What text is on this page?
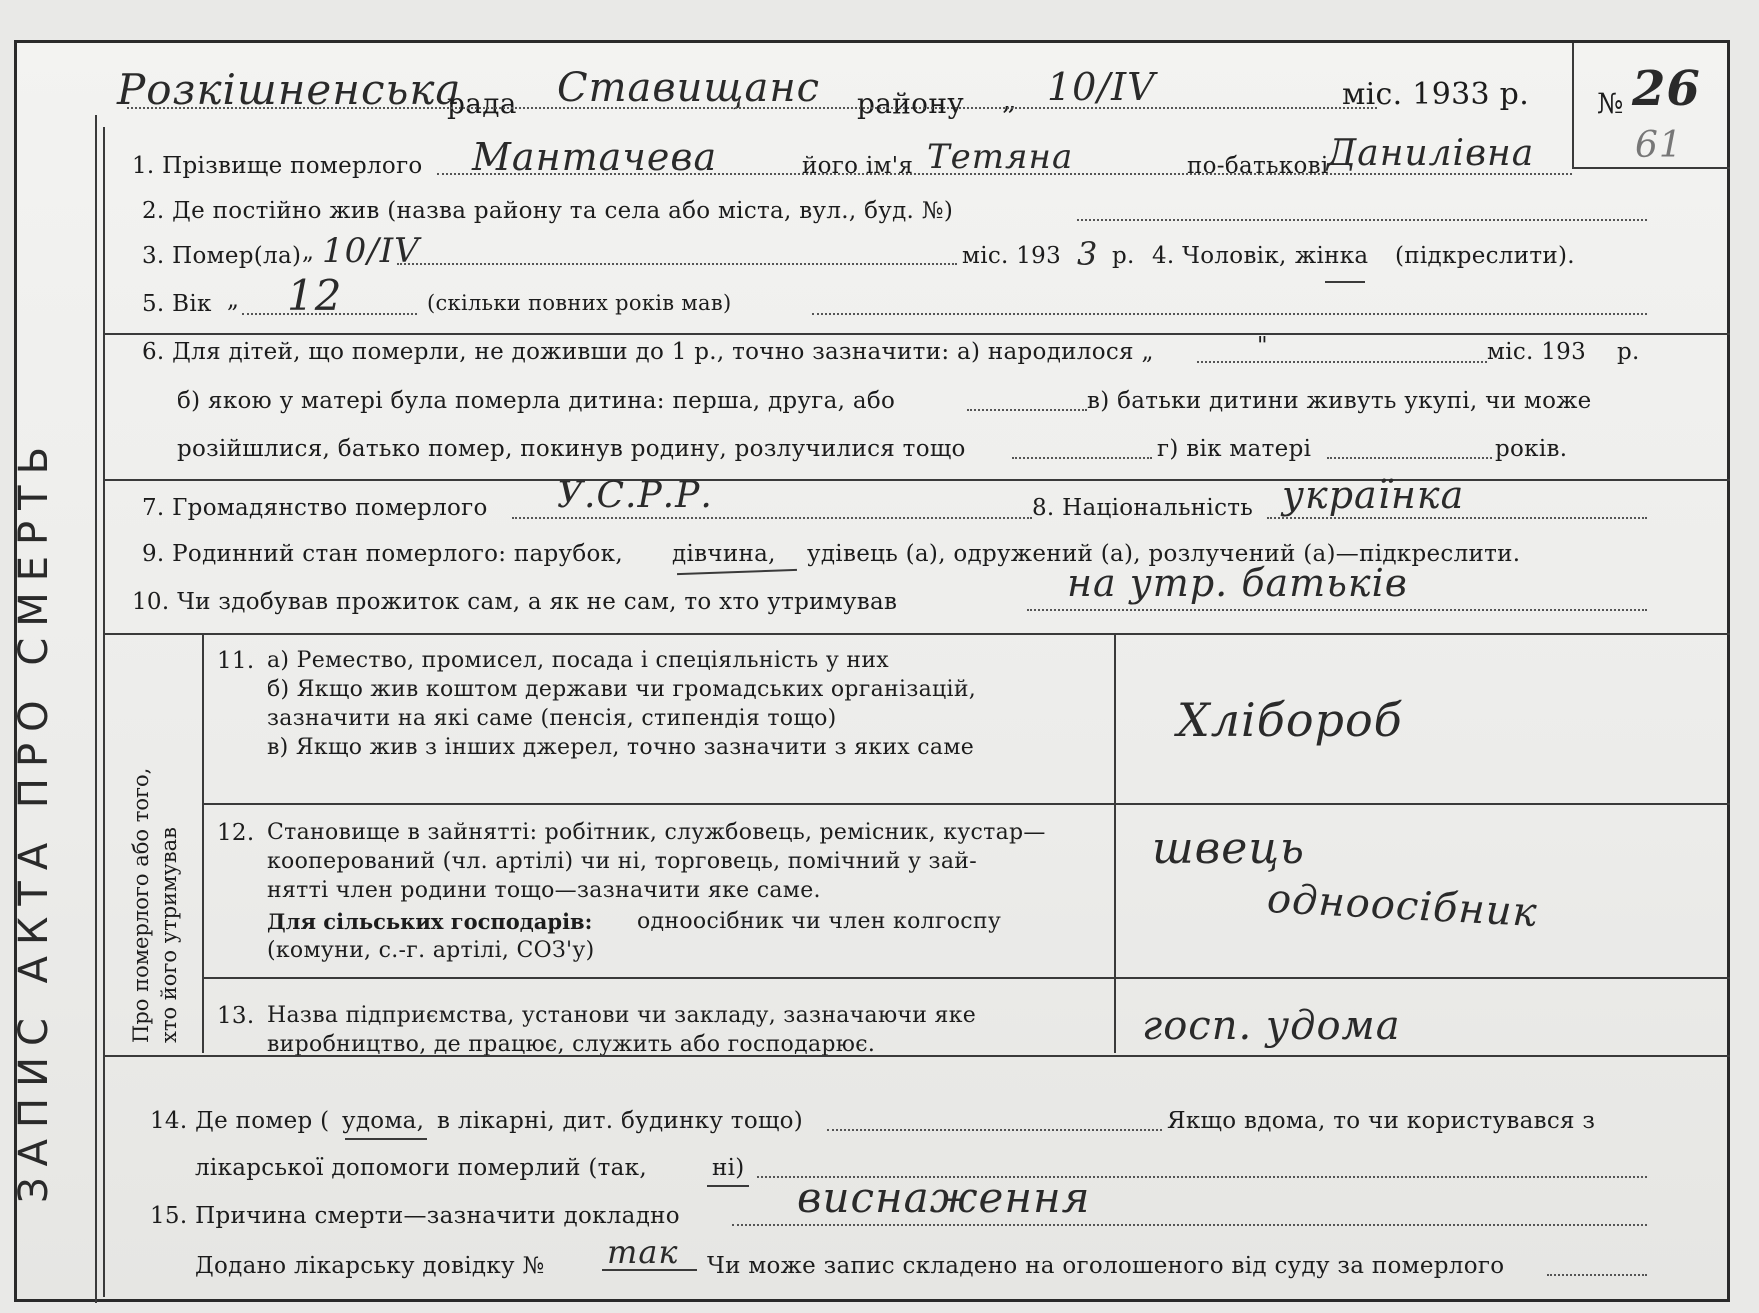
ЗАПИС АКТА ПРО СМЕРТЬ
Розкішненська
рада Ставищанс району „ 10/IV	міс. 1933 р. № 26
61
1. Прізвище померлого Мантачева	його ім'я Тетяна	по-батькові
Данилівна
2. Де постійно жив (назва району та села або міста, вул., буд. №)
3. Помер(ла) „ 10/IV	міс. 193 3 р. 4. Чоловік, жінка (підкреслити).
5. Вік „ 12	(скільки повних років мав)
6. Для дітей, що померли, не доживши до 1 р., точно зазначити: а) народилося „	"	міс. 193 р.
б) якою у матері була померла дитина: перша, друга, або	в) батьки дитини живуть укупі, чи може
розійшлися, батько помер, покинув родину, розлучилися тощо	г) вік матері	років.
7. Громадянство померлого У.С.Р.Р.	8. Національність українка
9. Родинний стан померлого: парубок, дівчина, удівець (а), одружений (а), розлучений (а)—підкреслити.
10. Чи здобував прожиток сам, а як не сам, то хто утримував	на утр. батьків
Про померлого або того, хто його утримував
11. а) Ремество, промисел, посада і спеціяльність у них
б) Якщо жив коштом держави чи громадських організацій,
зазначити на які саме (пенсія, стипендія тощо)
в) Якщо жив з інших джерел, точно зазначити з яких саме
Хлібороб
12. Становище в зайнятті: робітник, службовець, ремісник, кустар—
кооперований (чл. артілі) чи ні, торговець, помічний у зай-
нятті член родини тощо—зазначити яке саме.
Для сільських господарів: одноосібник чи член колгоспу
(комуни, с.-г. артілі, СОЗ'у)
швець
одноосібник
13. Назва підприємства, установи чи закладу, зазначаючи яке
виробництво, де працює, служить або господарює.	госп. удома
14. Де помер ( удома, в лікарні, дит. будинку тощо)	Якщо вдома, то чи користувався з
лікарської допомоги померлий (так,	ні)
15. Причина смерти—зазначити докладно	виснаження
Додано лікарську довідку № так Чи може запис складено на оголошеного від суду за померлого
